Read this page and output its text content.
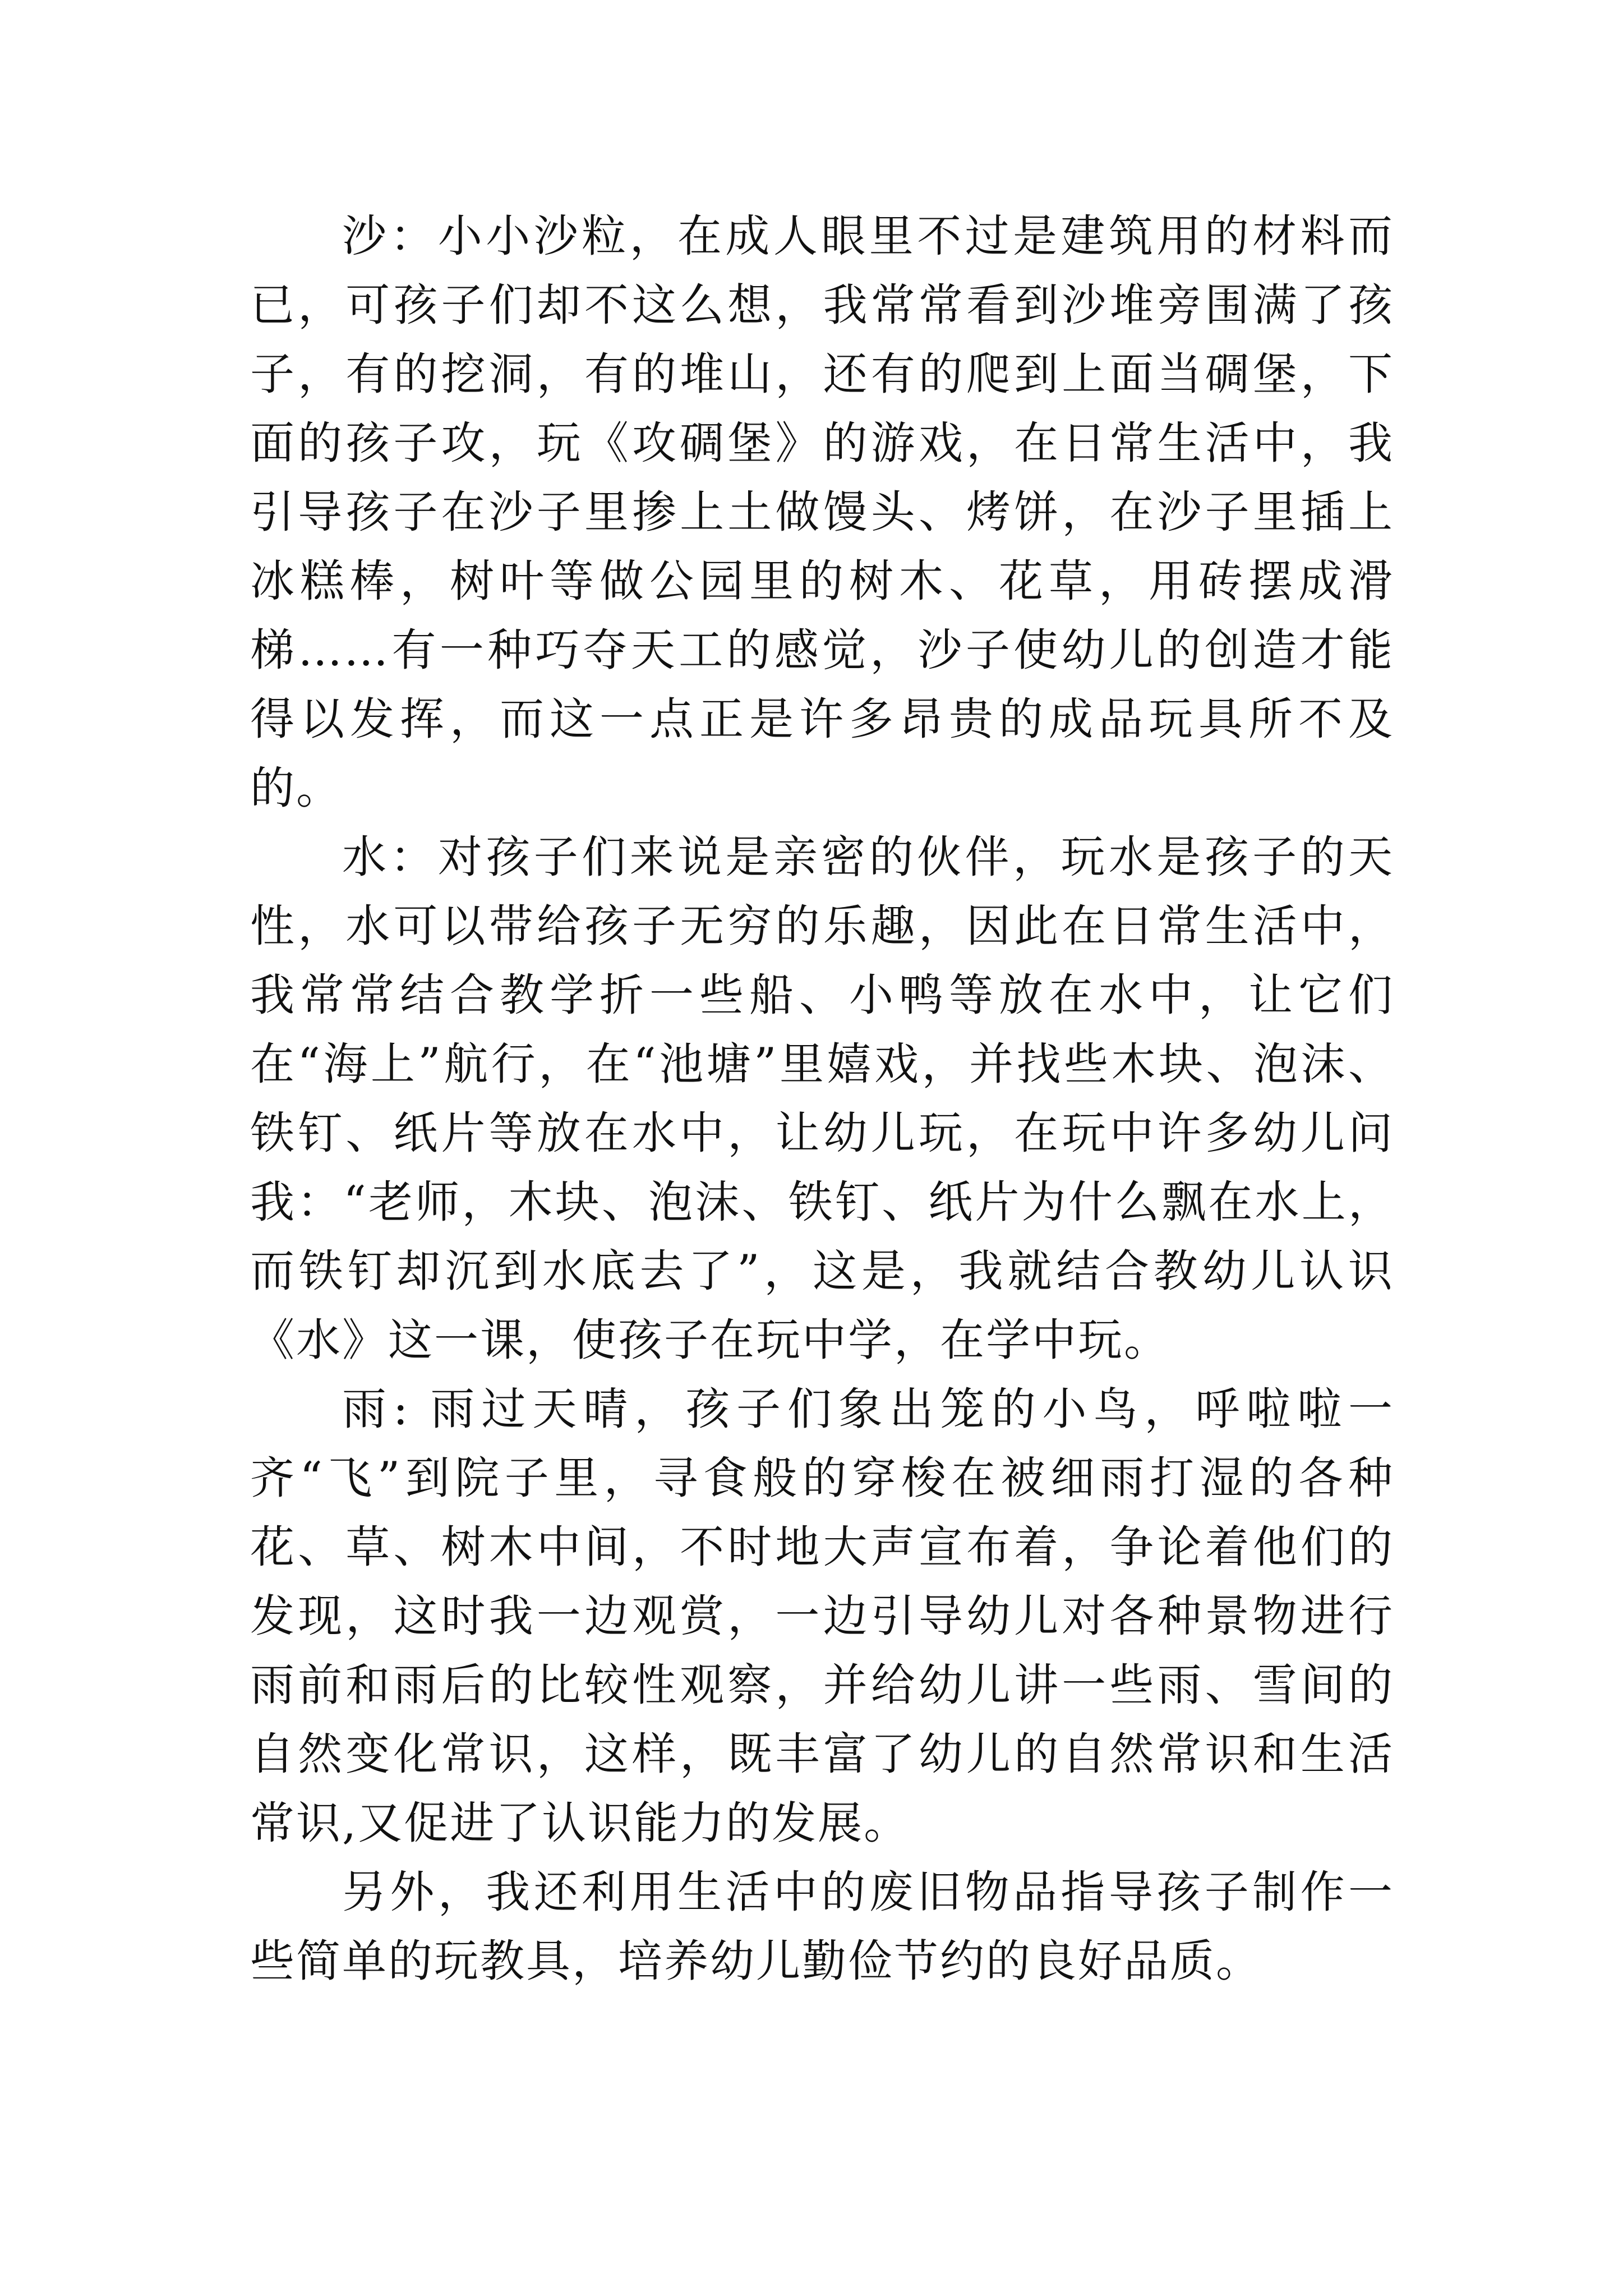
沙：小小沙粒，在成人眼里不过是建筑用的材料而已，可孩子们却不这么想，我常常看到沙堆旁围满了孩子，有的挖洞，有的堆山，还有的爬到上面当碉堡，下面的孩子攻，玩《攻碉堡》的游戏，在日常生活中，我引导孩子在沙子里掺上土做馒头、烤饼，在沙子里插上冰糕棒，树叶等做公园里的树木、花草，用砖摆成滑梯……有一种巧夺天工的感觉，沙子使幼儿的创造才能得以发挥，而这一点正是许多昂贵的成品玩具所不及的。

水：对孩子们来说是亲密的伙伴，玩水是孩子的天性，水可以带给孩子无穷的乐趣，因此在日常生活中，我常常结合教学折一些船、小鸭等放在水中，让它们在“海上”航行，在“池塘”里嬉戏，并找些木块、泡沫、铁钉、纸片等放在水中，让幼儿玩，在玩中许多幼儿问我：“老师，木块、泡沫、铁钉、纸片为什么飘在水上，而铁钉却沉到水底去了”，这是，我就结合教幼儿认识《水》这一课，使孩子在玩中学，在学中玩。

雨: 雨过天晴，孩子们象出笼的小鸟，呼啦啦一齐“飞”到院子里，寻食般的穿梭在被细雨打湿的各种花、草、树木中间，不时地大声宣布着，争论着他们的发现，这时我一边观赏，一边引导幼儿对各种景物进行雨前和雨后的比较性观察，并给幼儿讲一些雨、雪间的自然变化常识，这样，既丰富了幼儿的自然常识和生活常识,又促进了认识能力的发展。

另外，我还利用生活中的废旧物品指导孩子制作一些简单的玩教具，培养幼儿勤俭节约的良好品质。
